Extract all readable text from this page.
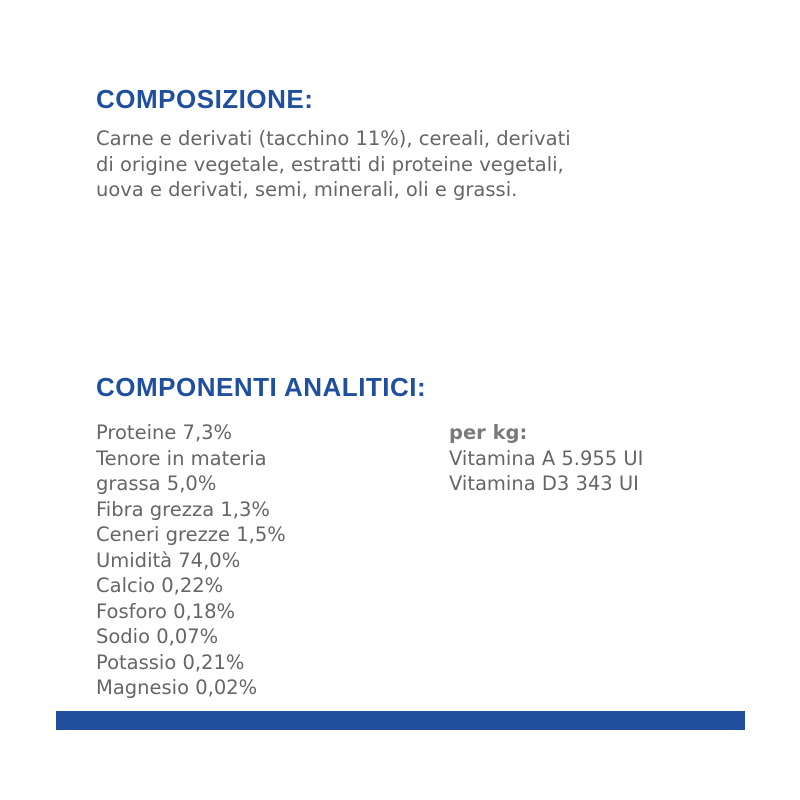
COMPOSIZIONE:

Carne e derivati (tacchino 11%), cereali, derivati
di origine vegetale, estratti di proteine vegetali,
uova e derivati, semi, minerali, oli e grassi.

COMPONENTI ANALITICI:
Proteine 7,3%
Tenore in materia
grassa 5,0%
Fibra grezza 1,3%
Ceneri grezze 1,5%
Umidità 74,0%
Calcio 0,22%
Fosforo 0,18%
Sodio 0,07%
Potassio 0,21%
Magnesio 0,02%
per kg:
Vitamina A 5.955 UI
Vitamina D3 343 UI
